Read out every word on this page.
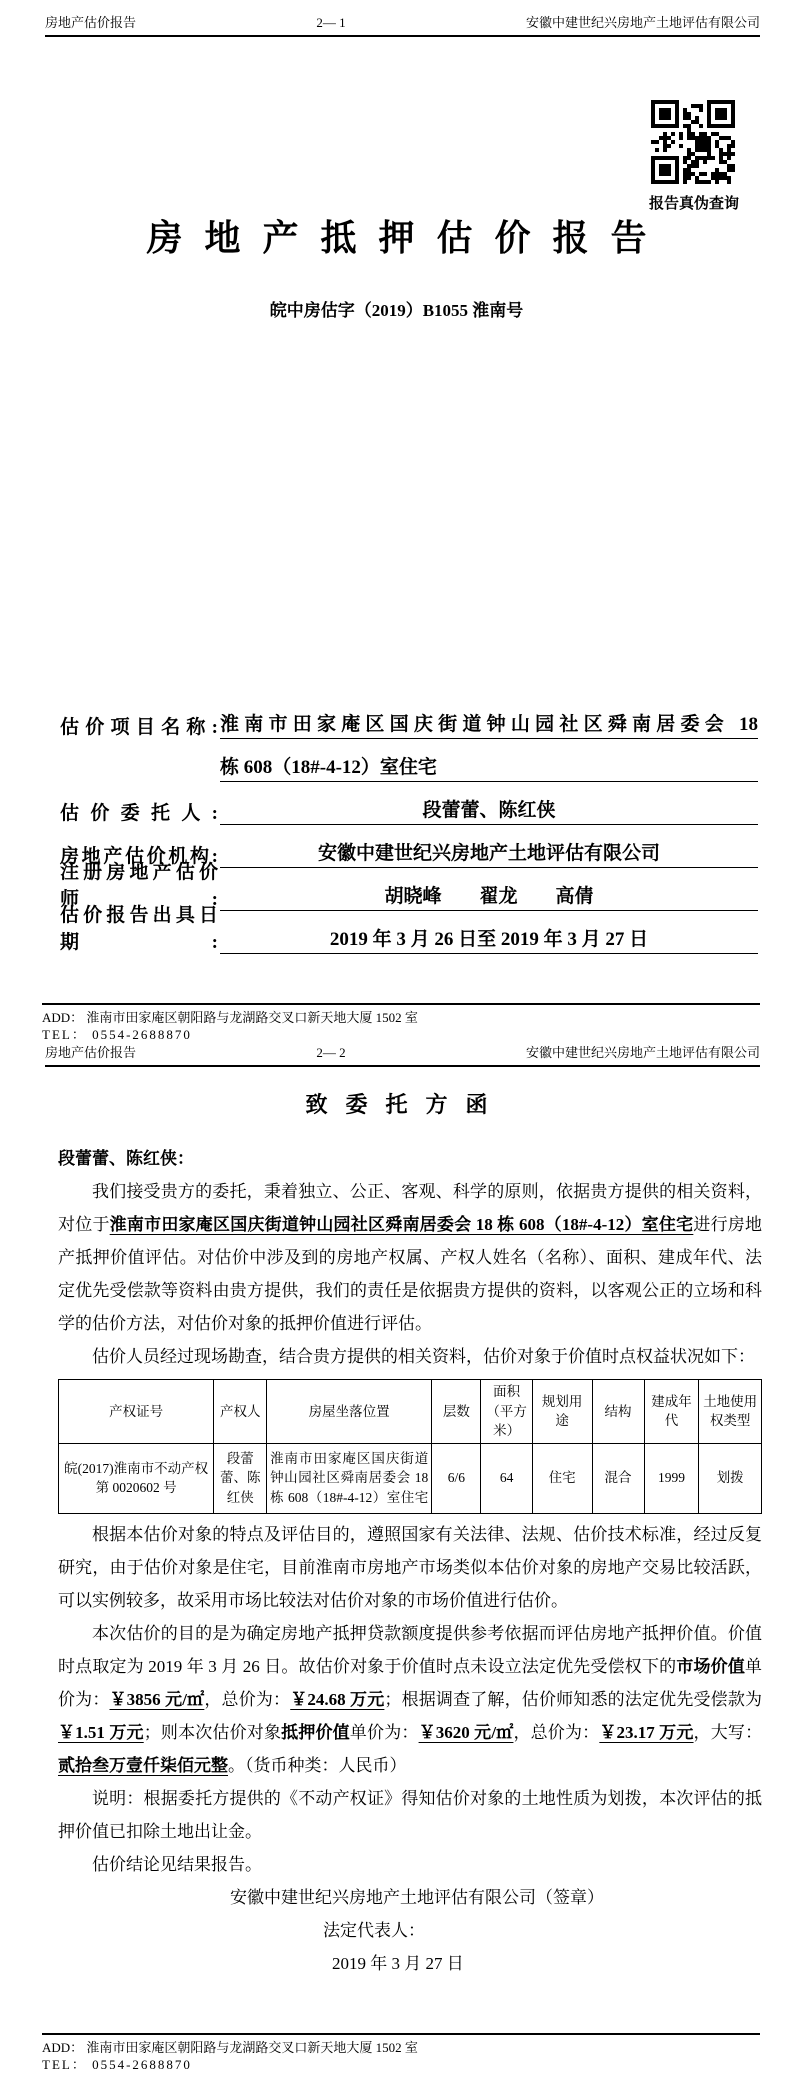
房地产估价报告	2— 1	安徽中建世纪兴房地产土地评估有限公司
报告真伪查询
房地产抵押估价报告
皖中房估字（2019）B1055 淮南号
估价项目名称: 淮南市田家庵区国庆街道钟山园社区舜南居委会 18
栋 608（18#-4-12）室住宅
估价委托人:	段蕾蕾、陈红侠
房地产估价机构:	安徽中建世纪兴房地产土地评估有限公司
注册房地产估价师:	胡晓峰　　翟龙　　高倩
估价报告出具日期:	2019 年 3 月 26 日至 2019 年 3 月 27 日
ADD： 淮南市田家庵区朝阳路与龙湖路交叉口新天地大厦 1502 室
TEL： 0554-2688870
房地产估价报告	2— 2	安徽中建世纪兴房地产土地评估有限公司
致委托方函

段蕾蕾、陈红侠：

我们接受贵方的委托，秉着独立、公正、客观、科学的原则，依据贵方提供的相关资料，对位于淮南市田家庵区国庆街道钟山园社区舜南居委会 18 栋 608（18#-4-12）室住宅进行房地产抵押价值评估。对估价中涉及到的房地产权属、产权人姓名（名称）、面积、建成年代、法定优先受偿款等资料由贵方提供，我们的责任是依据贵方提供的资料，以客观公正的立场和科学的估价方法，对估价对象的抵押价值进行评估。

估价人员经过现场勘查，结合贵方提供的相关资料，估价对象于价值时点权益状况如下：

产权证号	产权人	房屋坐落位置	层数	面积（平方米）	规划用途	结构	建成年代	土地使用权类型
皖(2017)淮南市不动产权第 0020602 号	段蕾蕾、陈红侠	淮南市田家庵区国庆街道钟山园社区舜南居委会 18 栋 608（18#-4-12）室住宅	6/6	64	住宅	混合	1999	划拨

根据本估价对象的特点及评估目的，遵照国家有关法律、法规、估价技术标准，经过反复研究，由于估价对象是住宅，目前淮南市房地产市场类似本估价对象的房地产交易比较活跃，可以实例较多，故采用市场比较法对估价对象的市场价值进行估价。

本次估价的目的是为确定房地产抵押贷款额度提供参考依据而评估房地产抵押价值。价值时点取定为 2019 年 3 月 26 日。故估价对象于价值时点未设立法定优先受偿权下的市场价值单价为：￥3856 元/㎡，总价为：￥24.68 万元；根据调查了解，估价师知悉的法定优先受偿款为￥1.51 万元；则本次估价对象抵押价值单价为：￥3620 元/㎡，总价为：￥23.17 万元，大写：贰拾叁万壹仟柒佰元整。（货币种类：人民币）

说明：根据委托方提供的《不动产权证》得知估价对象的土地性质为划拨，本次评估的抵押价值已扣除土地出让金。

估价结论见结果报告。

安徽中建世纪兴房地产土地评估有限公司（签章）

法定代表人：

2019 年 3 月 27 日

ADD： 淮南市田家庵区朝阳路与龙湖路交叉口新天地大厦 1502 室
TEL： 0554-2688870
